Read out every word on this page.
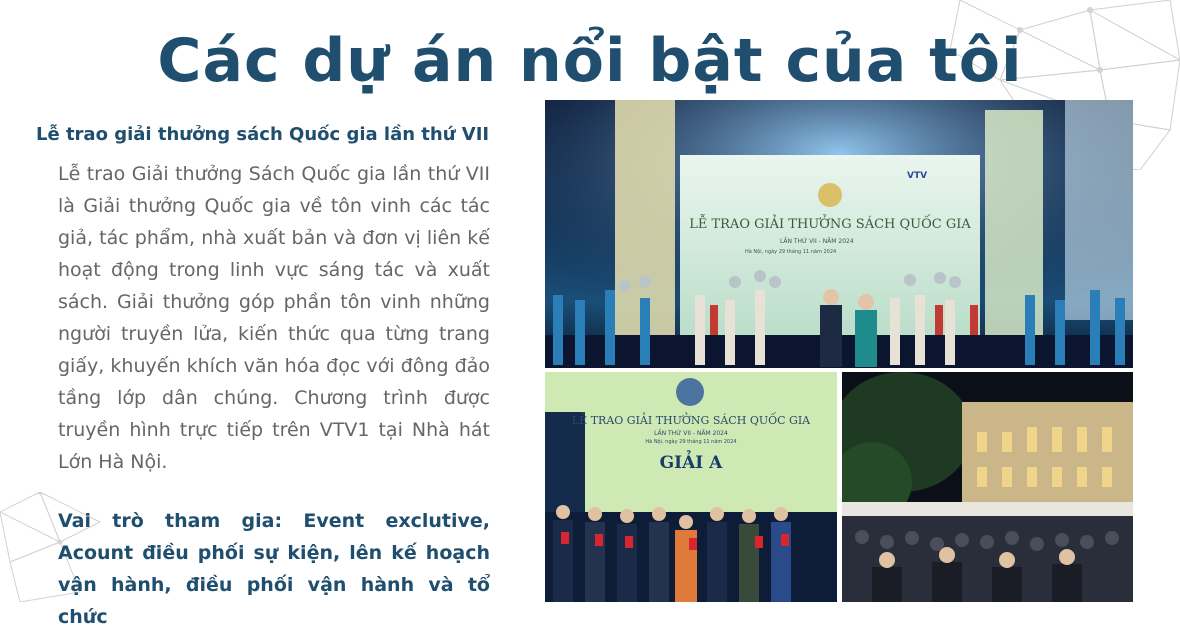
Các dự án nổi bật của tôi
Lễ trao giải thưởng sách Quốc gia lần thứ VII
Lễ trao Giải thưởng Sách Quốc gia lần thứ VII là Giải thưởng Quốc gia về tôn vinh các tác giả, tác phẩm, nhà xuất bản và đơn vị liên kế hoạt động trong linh vực sáng tác và xuất sách. Giải thưởng góp phần tôn vinh những người truyền lửa, kiến thức qua từng trang giấy, khuyến khích văn hóa đọc với đông đảo tầng lớp dân chúng. Chương trình được truyền hình trực tiếp trên VTV1 tại Nhà hát Lớn Hà Nội.
Vai trò tham gia: Event exclutive, Acount điều phối sự kiện, lên kế hoạch vận hành, điều phối vận hành và tổ chức
LỄ TRAO GIẢI THƯỞNG SÁCH QUỐC GIA
LẦN THỨ VII - NĂM 2024
Hà Nội, ngày 29 tháng 11 năm 2024
VTV
LỄ TRAO GIẢI THƯỞNG SÁCH QUỐC GIA
LẦN THỨ VII - NĂM 2024
Hà Nội, ngày 29 tháng 11 năm 2024
GIẢI A
